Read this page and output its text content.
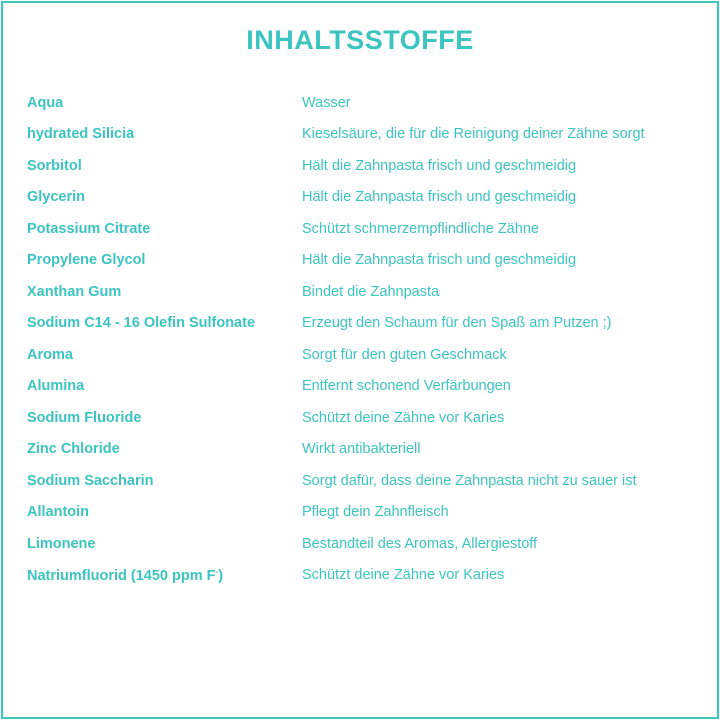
INHALTSSTOFFE
Aqua	Wasser
hydrated Silicia	Kieselsäure, die für die Reinigung deiner Zähne sorgt
Sorbitol	Hält die Zahnpasta frisch und geschmeidig
Glycerin	Hält die Zahnpasta frisch und geschmeidig
Potassium Citrate	Schützt schmerzempflindliche Zähne
Propylene Glycol	Hält die Zahnpasta frisch und geschmeidig
Xanthan Gum	Bindet die Zahnpasta
Sodium C14 - 16 Olefin Sulfonate	Erzeugt den Schaum für den Spaß am Putzen ;)
Aroma	Sorgt für den guten Geschmack
Alumina	Entfernt schonend Verfärbungen
Sodium Fluoride	Schützt deine Zähne vor Karies
Zinc Chloride	Wirkt antibakteriell
Sodium Saccharin	Sorgt dafür, dass deine Zahnpasta nicht zu sauer ist
Allantoin	Pflegt dein Zahnfleisch
Limonene	Bestandteil des Aromas, Allergiestoff
Natriumfluorid (1450 ppm F-)	Schützt deine Zähne vor Karies
